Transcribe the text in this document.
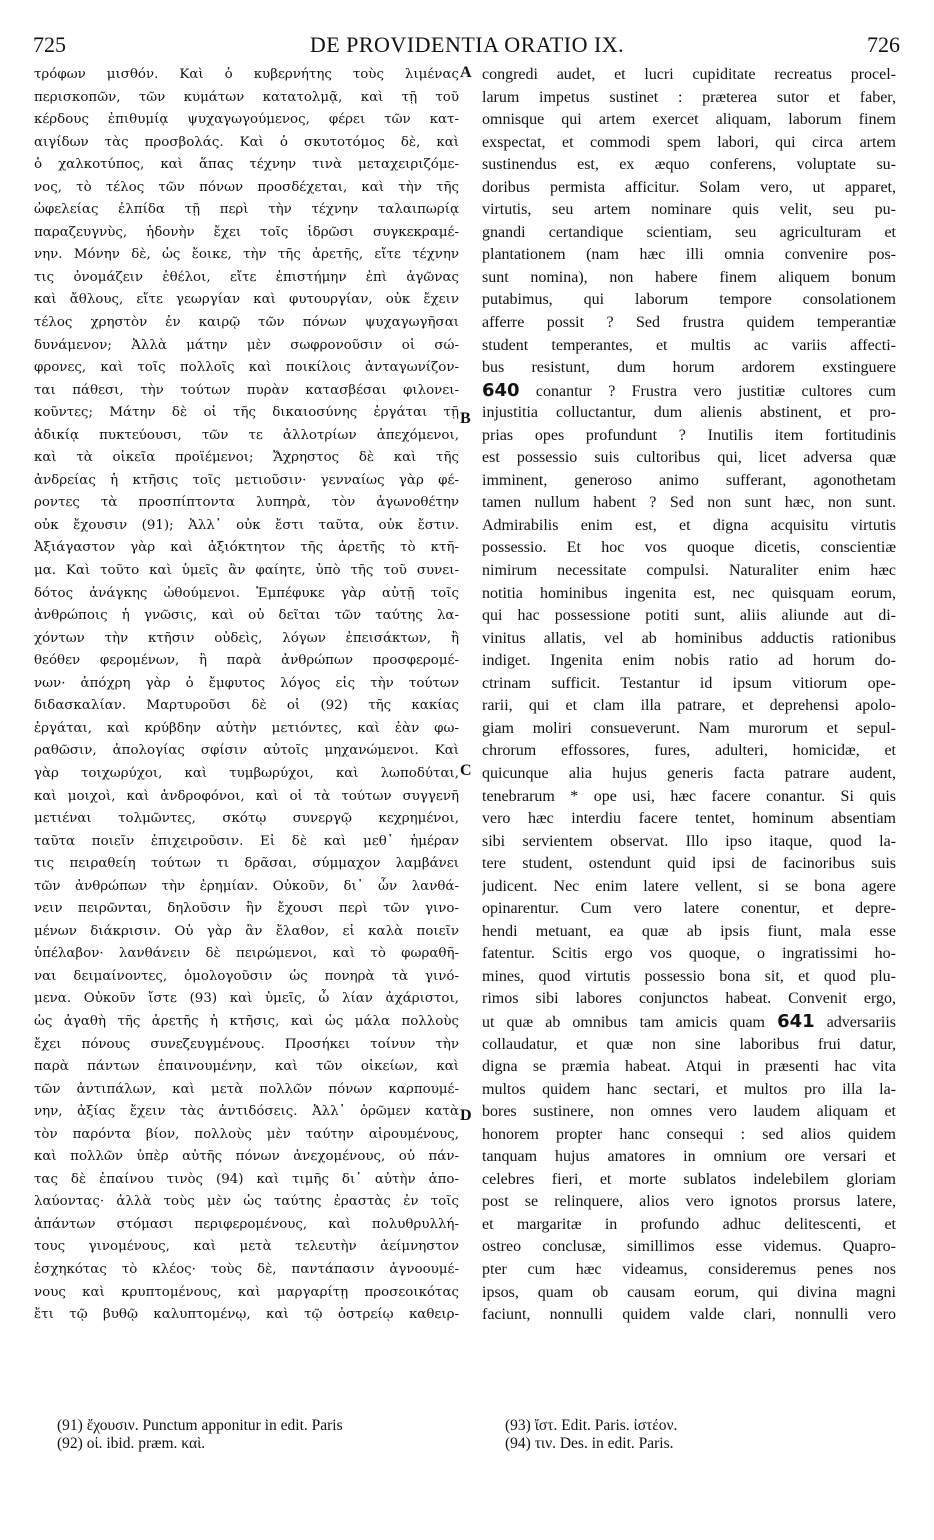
725	DE PROVIDENTIA ORATIO IX.	726
τρόφων μισθόν. Καὶ ὁ κυβερνήτης τοὺς λιμένας
περισκοπῶν, τῶν κυμάτων κατατολμᾷ, καὶ τῇ τοῦ
κέρδους ἐπιθυμίᾳ ψυχαγωγούμενος, φέρει τῶν κατ-
αιγίδων τὰς προσβολάς. Καὶ ὁ σκυτοτόμος δὲ, καὶ
ὁ χαλκοτύπος, καὶ ἅπας τέχνην τινὰ μεταχειριζόμε-
νος, τὸ τέλος τῶν πόνων προσδέχεται, καὶ τὴν τῆς
ὠφελείας ἐλπίδα τῇ περὶ τὴν τέχνην ταλαιπωρίᾳ
παραζευγνὺς, ἡδονὴν ἔχει τοῖς ἱδρῶσι συγκεκραμέ-
νην. Μόνην δὲ, ὡς ἔοικε, τὴν τῆς ἀρετῆς, εἴτε τέχνην
τις ὀνομάζειν ἐθέλοι, εἴτε ἐπιστήμην ἐπὶ ἀγῶνας
καὶ ἄθλους, εἴτε γεωργίαν καὶ φυτουργίαν, οὐκ ἔχειν
τέλος χρηστὸν ἐν καιρῷ τῶν πόνων ψυχαγωγῆσαι
δυνάμενον; Ἀλλὰ μάτην μὲν σωφρονοῦσιν οἱ σώ-
φρονες, καὶ τοῖς πολλοῖς καὶ ποικίλοις ἀνταγωνίζον-
ται πάθεσι, τὴν τούτων πυρὰν κατασβέσαι φιλονει-
κοῦντες; Μάτην δὲ οἱ τῆς δικαιοσύνης ἐργάται τῇ
ἀδικίᾳ πυκτεύουσι, τῶν τε ἀλλοτρίων ἀπεχόμενοι,
καὶ τὰ οἰκεῖα προϊέμενοι; Ἄχρηστος δὲ καὶ τῆς
ἀνδρείας ἡ κτῆσις τοῖς μετιοῦσιν· γενναίως γὰρ φέ-
ροντες τὰ προσπίπτοντα λυπηρὰ, τὸν ἀγωνοθέτην
οὐκ ἔχουσιν (91); Ἀλλ᾽ οὐκ ἔστι ταῦτα, οὐκ ἔστιν.
Ἀξιάγαστον γὰρ καὶ ἀξιόκτητον τῆς ἀρετῆς τὸ κτῆ-
μα. Καὶ τοῦτο καὶ ὑμεῖς ἂν φαίητε, ὑπὸ τῆς τοῦ συνει-
δότος ἀνάγκης ὠθούμενοι. Ἐμπέφυκε γὰρ αὐτῇ τοῖς
ἀνθρώποις ἡ γνῶσις, καὶ οὐ δεῖται τῶν ταύτης λα-
χόντων τὴν κτῆσιν οὐδεὶς, λόγων ἐπεισάκτων, ἢ
θεόθεν φερομένων, ἢ παρὰ ἀνθρώπων προσφερομέ-
νων· ἀπόχρη γὰρ ὁ ἔμφυτος λόγος εἰς τὴν τούτων
διδασκαλίαν. Μαρτυροῦσι δὲ οἱ (92) τῆς κακίας
ἐργάται, καὶ κρύβδην αὐτὴν μετιόντες, καὶ ἐὰν φω-
ραθῶσιν, ἀπολογίας σφίσιν αὐτοῖς μηχανώμενοι. Καὶ
γὰρ τοιχωρύχοι, καὶ τυμβωρύχοι, καὶ λωποδύται,
καὶ μοιχοὶ, καὶ ἀνδροφόνοι, καὶ οἱ τὰ τούτων συγγενῆ
μετιέναι τολμῶντες, σκότῳ συνεργῷ κεχρημένοι,
ταῦτα ποιεῖν ἐπιχειροῦσιν. Εἰ δὲ καὶ μεθ᾽ ἡμέραν
τις πειραθείη τούτων τι δρᾶσαι, σύμμαχον λαμβάνει
τῶν ἀνθρώπων τὴν ἐρημίαν. Οὐκοῦν, δι᾽ ὧν λανθά-
νειν πειρῶνται, δηλοῦσιν ἣν ἔχουσι περὶ τῶν γινο-
μένων διάκρισιν. Οὐ γὰρ ἂν ἔλαθον, εἰ καλὰ ποιεῖν
ὑπέλαβον· λανθάνειν δὲ πειρώμενοι, καὶ τὸ φωραθῆ-
ναι δειμαίνοντες, ὁμολογοῦσιν ὡς πονηρὰ τὰ γινό-
μενα. Οὐκοῦν ἴστε (93) καὶ ὑμεῖς, ὦ λίαν ἀχάριστοι,
ὡς ἀγαθὴ τῆς ἀρετῆς ἡ κτῆσις, καὶ ὡς μάλα πολλοὺς
ἔχει πόνους συνεζευγμένους. Προσήκει τοίνυν τὴν
παρὰ πάντων ἐπαινουμένην, καὶ τῶν οἰκείων, καὶ
τῶν ἀντιπάλων, καὶ μετὰ πολλῶν πόνων καρπουμέ-
νην, ἀξίας ἔχειν τὰς ἀντιδόσεις. Ἀλλ᾽ ὁρῶμεν κατὰ
τὸν παρόντα βίον, πολλοὺς μὲν ταύτην αἱρουμένους,
καὶ πολλῶν ὑπὲρ αὐτῆς πόνων ἀνεχομένους, οὐ πάν-
τας δὲ ἐπαίνου τινὸς (94) καὶ τιμῆς δι᾽ αὐτὴν ἀπο-
λαύοντας· ἀλλὰ τοὺς μὲν ὡς ταύτης ἐραστὰς ἐν τοῖς
ἁπάντων στόμασι περιφερομένους, καὶ πολυθρυλλή-
τους γινομένους, καὶ μετὰ τελευτὴν ἀείμνηστον
ἐσχηκότας τὸ κλέος· τοὺς δὲ, παντάπασιν ἀγνοουμέ-
νους καὶ κρυπτομένους, καὶ μαργαρίτῃ προσεοικότας
ἔτι τῷ βυθῷ καλυπτομένῳ, καὶ τῷ ὀστρείῳ καθειρ-
congredi audet, et lucri cupiditate recreatus procel-
larum impetus sustinet : præterea sutor et faber,
omnisque qui artem exercet aliquam, laborum finem
exspectat, et commodi spem labori, qui circa artem
sustinendus est, ex æquo conferens, voluptate su-
doribus permista afficitur. Solam vero, ut apparet,
virtutis, seu artem nominare quis velit, seu pu-
gnandi certandique scientiam, seu agriculturam et
plantationem (nam hæc illi omnia convenire pos-
sunt nomina), non habere finem aliquem bonum
putabimus, qui laborum tempore consolationem
afferre possit ? Sed frustra quidem temperantiæ
student temperantes, et multis ac variis affecti-
bus resistunt, dum horum ardorem exstinguere
640 conantur ? Frustra vero justitiæ cultores cum
injustitia colluctantur, dum alienis abstinent, et pro-
prias opes profundunt ? Inutilis item fortitudinis
est possessio suis cultoribus qui, licet adversa quæ
imminent, generoso animo sufferant, agonothetam
tamen nullum habent ? Sed non sunt hæc, non sunt.
Admirabilis enim est, et digna acquisitu virtutis
possessio. Et hoc vos quoque dicetis, conscientiæ
nimirum necessitate compulsi. Naturaliter enim hæc
notitia hominibus ingenita est, nec quisquam eorum,
qui hac possessione potiti sunt, aliis aliunde aut di-
vinitus allatis, vel ab hominibus adductis rationibus
indiget. Ingenita enim nobis ratio ad horum do-
ctrinam sufficit. Testantur id ipsum vitiorum ope-
rarii, qui et clam illa patrare, et deprehensi apolo-
giam moliri consueverunt. Nam murorum et sepul-
chrorum effossores, fures, adulteri, homicidæ, et
quicunque alia hujus generis facta patrare audent,
tenebrarum * ope usi, hæc facere conantur. Si quis
vero hæc interdiu facere tentet, hominum absentiam
sibi servientem observat. Illo ipso itaque, quod la-
tere student, ostendunt quid ipsi de facinoribus suis
judicent. Nec enim latere vellent, si se bona agere
opinarentur. Cum vero latere conentur, et depre-
hendi metuant, ea quæ ab ipsis fiunt, mala esse
fatentur. Scitis ergo vos quoque, o ingratissimi ho-
mines, quod virtutis possessio bona sit, et quod plu-
rimos sibi labores conjunctos habeat. Convenit ergo,
ut quæ ab omnibus tam amicis quam 641 adversariis
collaudatur, et quæ non sine laboribus frui datur,
digna se præmia habeat. Atqui in præsenti hac vita
multos quidem hanc sectari, et multos pro illa la-
bores sustinere, non omnes vero laudem aliquam et
honorem propter hanc consequi : sed alios quidem
tanquam hujus amatores in omnium ore versari et
celebres fieri, et morte sublatos indelebilem gloriam
post se relinquere, alios vero ignotos prorsus latere,
et margaritæ in profundo adhuc delitescenti, et
ostreo conclusæ, simillimos esse videmus. Quapro-
pter cum hæc videamus, consideremus penes nos
ipsos, quam ob causam eorum, qui divina magni
faciunt, nonnulli quidem valde clari, nonnulli vero
A
B
C
D
(91) ἔχουσιν. Punctum apponitur in edit. Paris
(92) οἱ. ibid. præm. καὶ.
(93) ἴστ. Edit. Paris. ἰστέον.
(94) τιν. Des. in edit. Paris.
